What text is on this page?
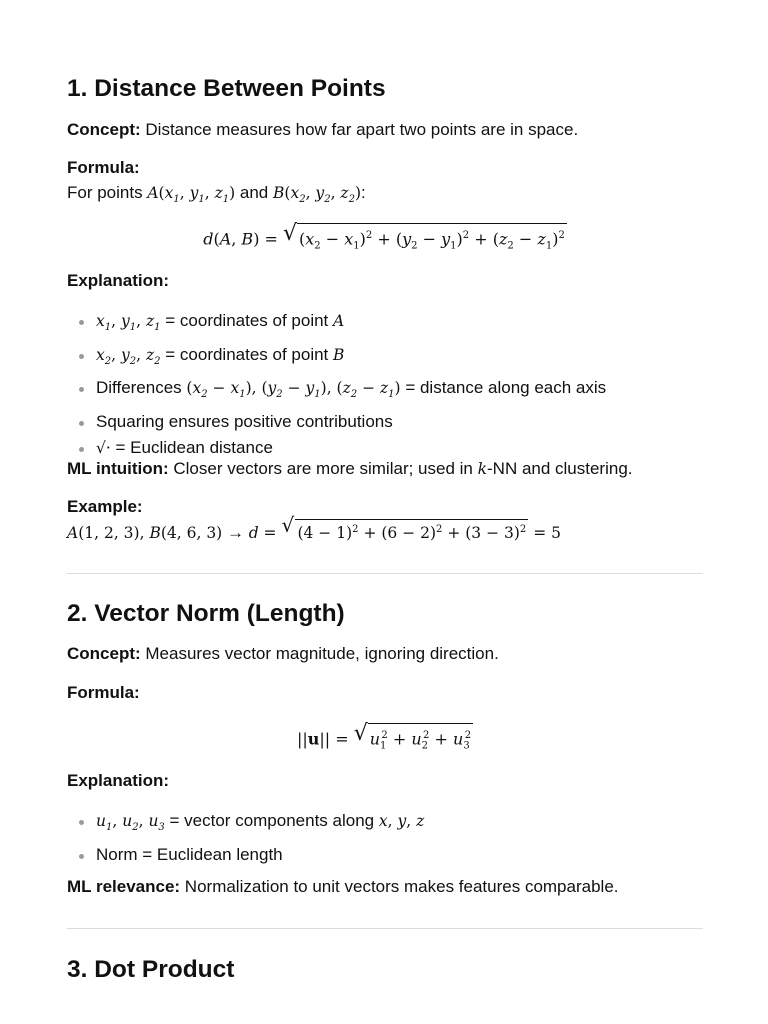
1. Distance Between Points

Concept: Distance measures how far apart two points are in space.

Formula:

For points $A(x_1$, $y_1$, $z_1$) and $B(x_2$, $y_2$, $z_2$):

d(A, B) = √ $(x_2 - x_1)^2 + (y_2 - y_1)^2 + (z_2 - z_1)^2$

Explanation:

$x_1$, $y_1$, $z_1$ = coordinates of point A
$x_2$, $y_2$, $z_2$ = coordinates of point B
Differences $(x_2 - x_1)$, $(y_2 - y_1)$, $(z_2 - z_1)$ = distance along each axis
Squaring ensures positive contributions
√· = Euclidean distance

ML intuition: Closer vectors are more similar; used in k-NN and clustering.

Example:

A(1, 2, 3), B(4, 6, 3) → d = √ $(4 - 1)^2 + (6 - 2)^2 + (3 - 3)^2 = 5$

2. Vector Norm (Length)

Concept: Measures vector magnitude, ignoring direction.

Formula:

||u|| = √ $u_1^2 + u_2^2 + u_3^2$

Explanation:

$u_1$, $u_2$, $u_3$ = vector components along x, y, z
Norm = Euclidean length

ML relevance: Normalization to unit vectors makes features comparable.

3. Dot Product
